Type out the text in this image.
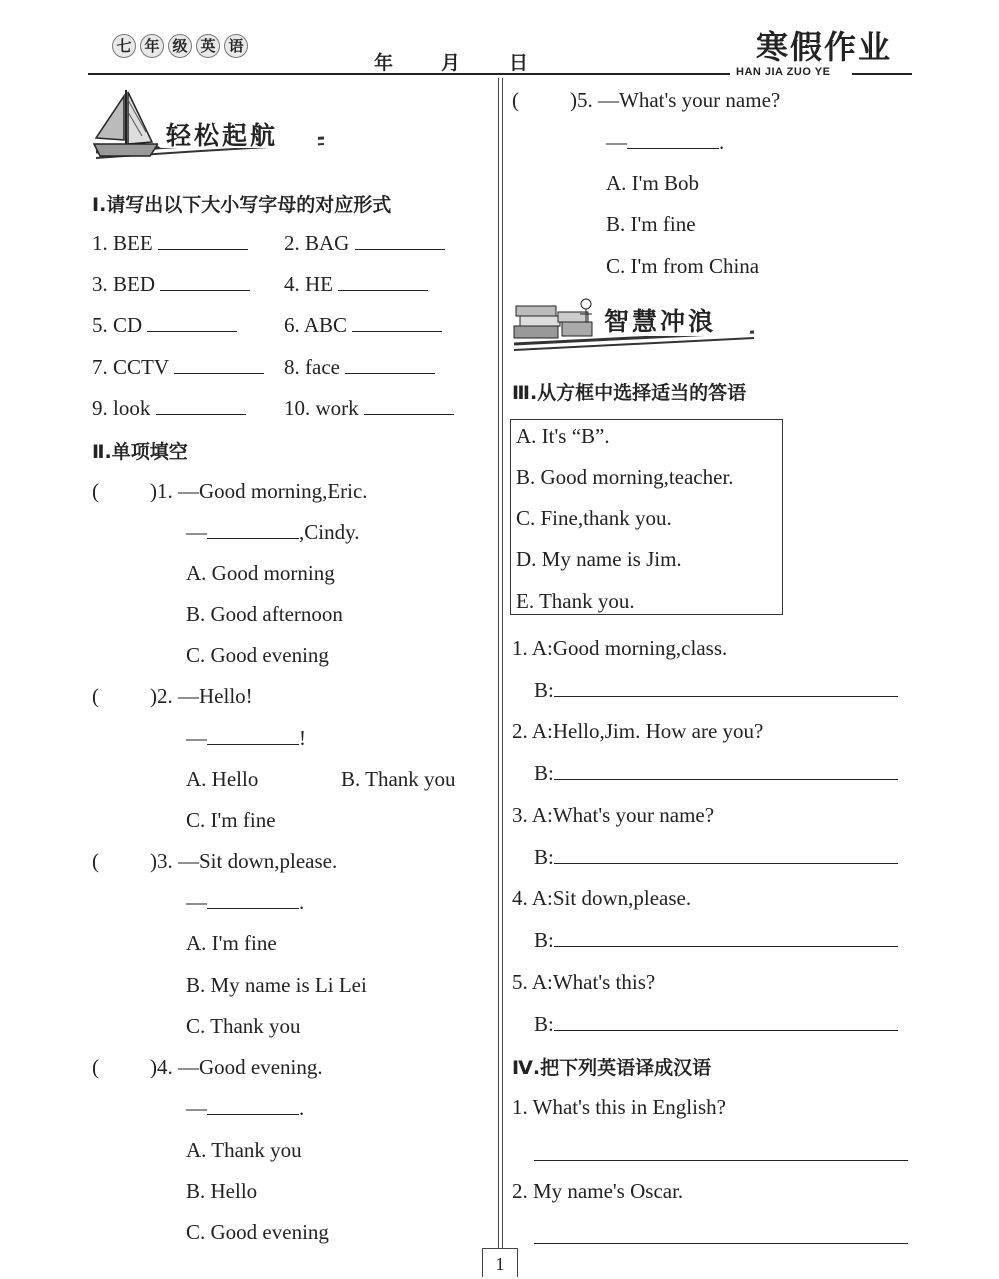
七 年 级 英 语
年	月	日	寒假作业
HAN JIA ZUO YE
轻松起航
Ⅰ.请写出以下大小写字母的对应形式
1. BEE	2. BAG
3. BED	4. HE
5. CD	6. ABC
7. CCTV	8. face
9. look	10. work
Ⅱ.单项填空
( )1. —Good morning,Eric.
—	,Cindy.
A. Good morning
B. Good afternoon
C. Good evening
( )2. —Hello!
—	!
A. Hello	B. Thank you
C. I'm fine
( )3. —Sit down,please.
—	.
A. I'm fine
B. My name is Li Lei
C. Thank you
( )4. —Good evening.
—	.
A. Thank you
B. Hello
C. Good evening
( )5. —What's your name?
—	.
A. I'm Bob
B. I'm fine
C. I'm from China
智慧冲浪
Ⅲ.从方框中选择适当的答语
A. It's “B”.
B. Good morning,teacher.
C. Fine,thank you.
D. My name is Jim.
E. Thank you.
1. A:Good morning,class.
B:
2. A:Hello,Jim. How are you?
B:
3. A:What's your name?
B:
4. A:Sit down,please.
B:
5. A:What's this?
B:
Ⅳ.把下列英语译成汉语
1. What's this in English?
2. My name's Oscar.
1
